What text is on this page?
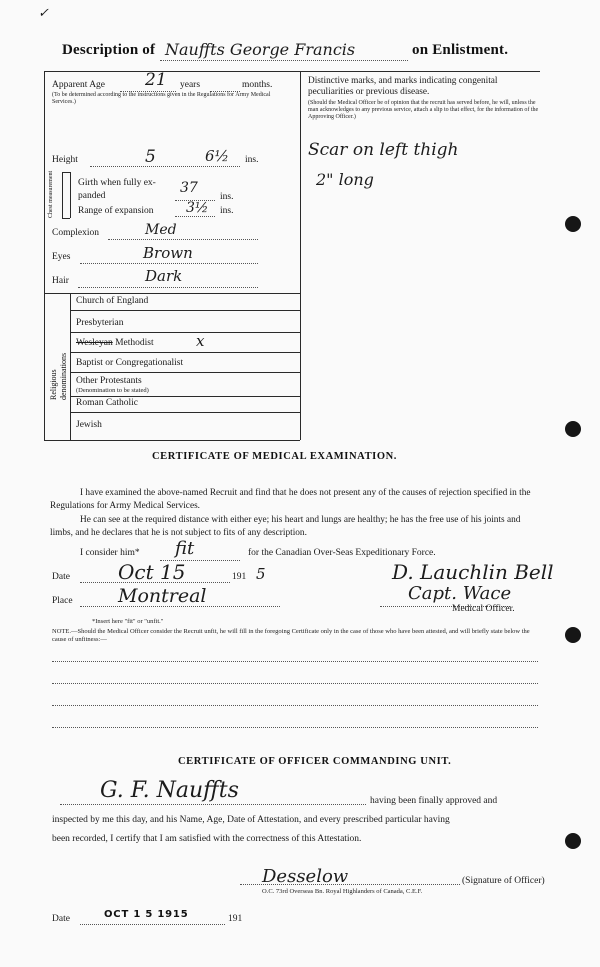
✓
Description of Nauffts George Francis	on Enlistment.
Apparent Age 21 years	months.
(To be determined according to the instructions given in the Regulations for Army Medical Services.)
Height	5	6½ ins.
Chest measurement	Girth when fully ex-
panded	37
ins.
Range of expansion 3½ ins.
Complexion	Med
Eyes	Brown
Hair	Dark
Religious denominations
Church of England
Presbyterian
Wesleyan Methodist	x
Baptist or Congregationalist
Other Protestants
(Denomination to be stated)
Roman Catholic
Jewish
Distinctive marks, and marks indicating congenital peculiarities or previous disease.
(Should the Medical Officer be of opinion that the recruit has served before, he will, unless the man acknowledges to any previous service, attach a slip to that effect, for the information of the Approving Officer.)
Scar on left thigh
2" long
CERTIFICATE OF MEDICAL EXAMINATION.
I have examined the above-named Recruit and find that he does not present any of the causes of rejection specified in the Regulations for Army Medical Services.
He can see at the required distance with either eye; his heart and lungs are healthy; he has the free use of his joints and limbs, and he declares that he is not subject to fits of any description.
I consider him* fit	for the Canadian Over-Seas Expeditionary Force.
Date Oct 15	191 5
Place Montreal
D. Lauchlin Bell
Capt. Wace
Medical Officer.
*Insert here "fit" or "unfit."
NOTE.—Should the Medical Officer consider the Recruit unfit, he will fill in the foregoing Certificate only in the case of those who have been attested, and will briefly state below the cause of unfitness:—
CERTIFICATE OF OFFICER COMMANDING UNIT.
G. F. Nauffts	having been finally approved and
inspected by me this day, and his Name, Age, Date of Attestation, and every prescribed particular having
been recorded, I certify that I am satisfied with the correctness of this Attestation.
Desselow	(Signature of Officer)
O.C. 73rd Overseas Bn. Royal Highlanders of Canada, C.E.F.
Date	OCT 1 5 1915	191
